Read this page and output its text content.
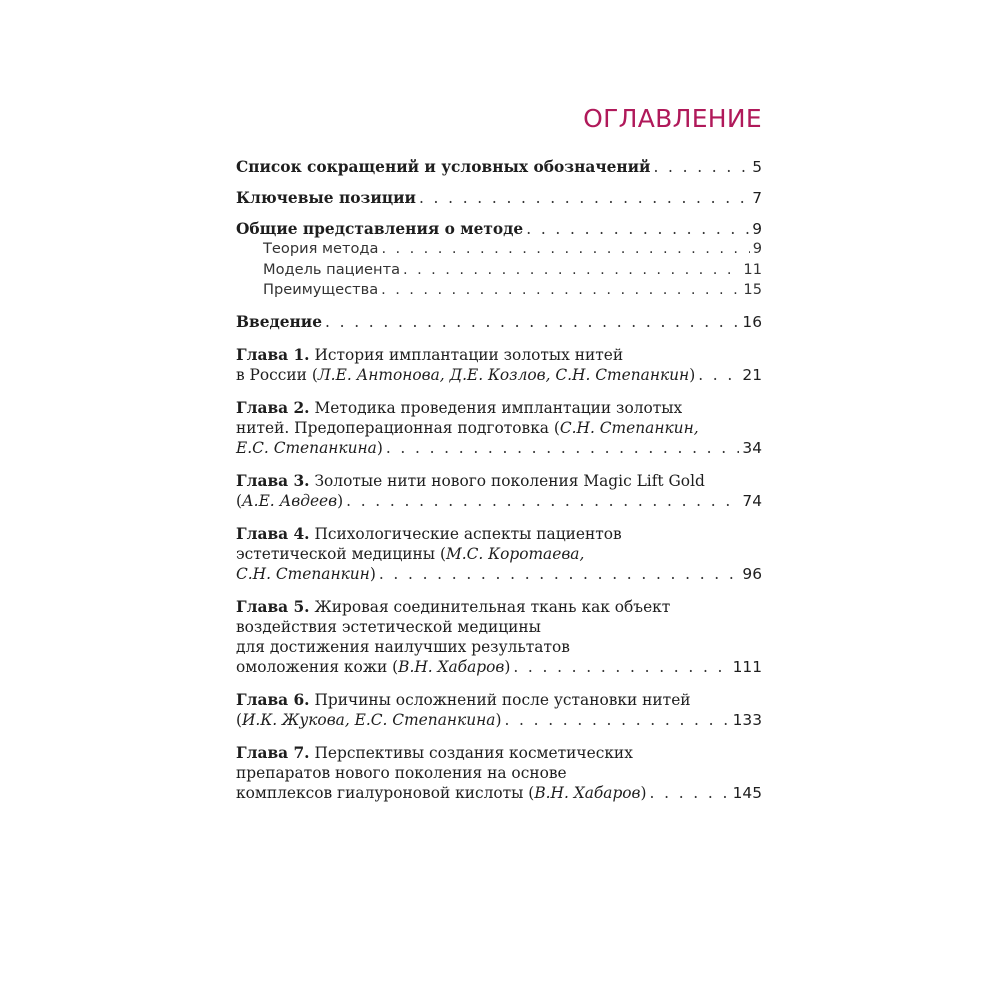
ОГЛАВЛЕНИЕ
Список сокращений и условных обозначений . . .	5
Ключевые позиции . . .	7
Общие представления о методе . . .	9
Теория метода . . .	9
Модель пациента . . .	11
Преимущества . . .	15
Введение . . .	16
Глава 1. История имплантации золотых нитей
в России (Л.Е. Антонова, Д.Е. Козлов, С.Н. Степанкин) . . .	21
Глава 2. Методика проведения имплантации золотых
нитей. Предоперационная подготовка (С.Н. Степанкин,
Е.С. Степанкина) . . .	34
Глава 3. Золотые нити нового поколения Magic Lift Gold
(А.Е. Авдеев) . . .	74
Глава 4. Психологические аспекты пациентов
эстетической медицины (М.С. Коротаева,
С.Н. Степанкин) . . .	96
Глава 5. Жировая соединительная ткань как объект
воздействия эстетической медицины
для достижения наилучших результатов
омоложения кожи (В.Н. Хабаров) . . .	111
Глава 6. Причины осложнений после установки нитей
(И.К. Жукова, Е.С. Степанкина) . . .	133
Глава 7. Перспективы создания косметических
препаратов нового поколения на основе
комплексов гиалуроновой кислоты (В.Н. Хабаров) . . .	145
